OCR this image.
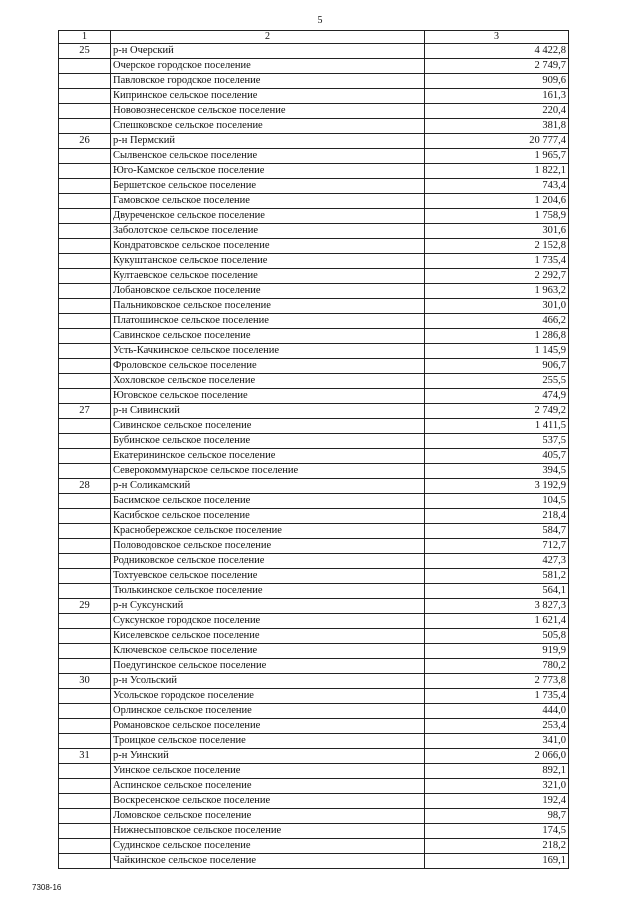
5
1	2	3
25	р-н Очерский	4 422,8
	Очерское городское поселение	2 749,7
	Павловское городское поселение	909,6
	Кипринское сельское поселение	161,3
	Нововознесенское сельское поселение	220,4
	Спешковское сельское поселение	381,8
26	р-н Пермский	20 777,4
	Сылвенское сельское поселение	1 965,7
	Юго-Камское сельское поселение	1 822,1
	Бершетское сельское поселение	743,4
	Гамовское сельское поселение	1 204,6
	Двуреченское сельское поселение	1 758,9
	Заболотское сельское поселение	301,6
	Кондратовское сельское поселение	2 152,8
	Кукуштанское сельское поселение	1 735,4
	Култаевское сельское поселение	2 292,7
	Лобановское сельское поселение	1 963,2
	Пальниковское сельское поселение	301,0
	Платошинское сельское поселение	466,2
	Савинское сельское поселение	1 286,8
	Усть-Качкинское сельское поселение	1 145,9
	Фроловское сельское поселение	906,7
	Хохловское сельское поселение	255,5
	Юговское сельское поселение	474,9
27	р-н Сивинский	2 749,2
	Сивинское сельское поселение	1 411,5
	Бубинское сельское поселение	537,5
	Екатерининское сельское поселение	405,7
	Северокоммунарское сельское поселение	394,5
28	р-н Соликамский	3 192,9
	Басимское сельское поселение	104,5
	Касибское сельское поселение	218,4
	Краснобережское сельское поселение	584,7
	Половодовское сельское поселение	712,7
	Родниковское сельское поселение	427,3
	Тохтуевское сельское поселение	581,2
	Тюлькинское сельское поселение	564,1
29	р-н Суксунский	3 827,3
	Суксунское городское поселение	1 621,4
	Киселевское сельское поселение	505,8
	Ключевское сельское поселение	919,9
	Поедугинское сельское поселение	780,2
30	р-н Усольский	2 773,8
	Усольское городское поселение	1 735,4
	Орлинское сельское поселение	444,0
	Романовское сельское поселение	253,4
	Троицкое сельское поселение	341,0
31	р-н Уинский	2 066,0
	Уинское сельское поселение	892,1
	Аспинское сельское поселение	321,0
	Воскресенское сельское поселение	192,4
	Ломовское сельское поселение	98,7
	Нижнесыповское сельское поселение	174,5
	Судинское сельское поселение	218,2
	Чайкинское сельское поселение	169,1
7308-16
